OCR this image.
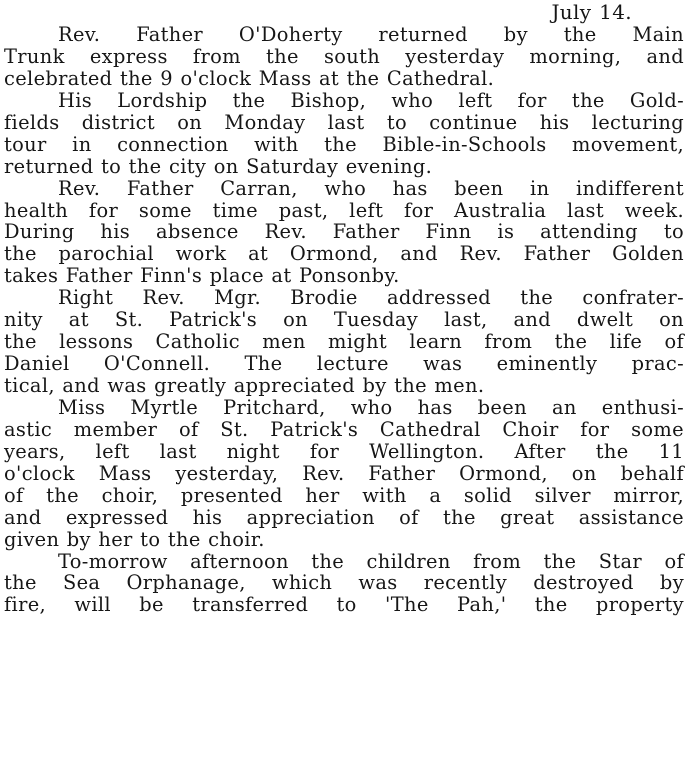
July 14.
Rev. Father O'Doherty returned by the Main
Trunk express from the south yesterday morning, and
celebrated the 9 o'clock Mass at the Cathedral.
His Lordship the Bishop, who left for the Gold-
fields district on Monday last to continue his lecturing
tour in connection with the Bible-in-Schools movement,
returned to the city on Saturday evening.
Rev. Father Carran, who has been in indifferent
health for some time past, left for Australia last week.
During his absence Rev. Father Finn is attending to
the parochial work at Ormond, and Rev. Father Golden
takes Father Finn's place at Ponsonby.
Right Rev. Mgr. Brodie addressed the confrater-
nity at St. Patrick's on Tuesday last, and dwelt on
the lessons Catholic men might learn from the life of
Daniel O'Connell. The lecture was eminently prac-
tical, and was greatly appreciated by the men.
Miss Myrtle Pritchard, who has been an enthusi-
astic member of St. Patrick's Cathedral Choir for some
years, left last night for Wellington. After the 11
o'clock Mass yesterday, Rev. Father Ormond, on behalf
of the choir, presented her with a solid silver mirror,
and expressed his appreciation of the great assistance
given by her to the choir.
To-morrow afternoon the children from the Star of
the Sea Orphanage, which was recently destroyed by
fire, will be transferred to 'The Pah,' the property
